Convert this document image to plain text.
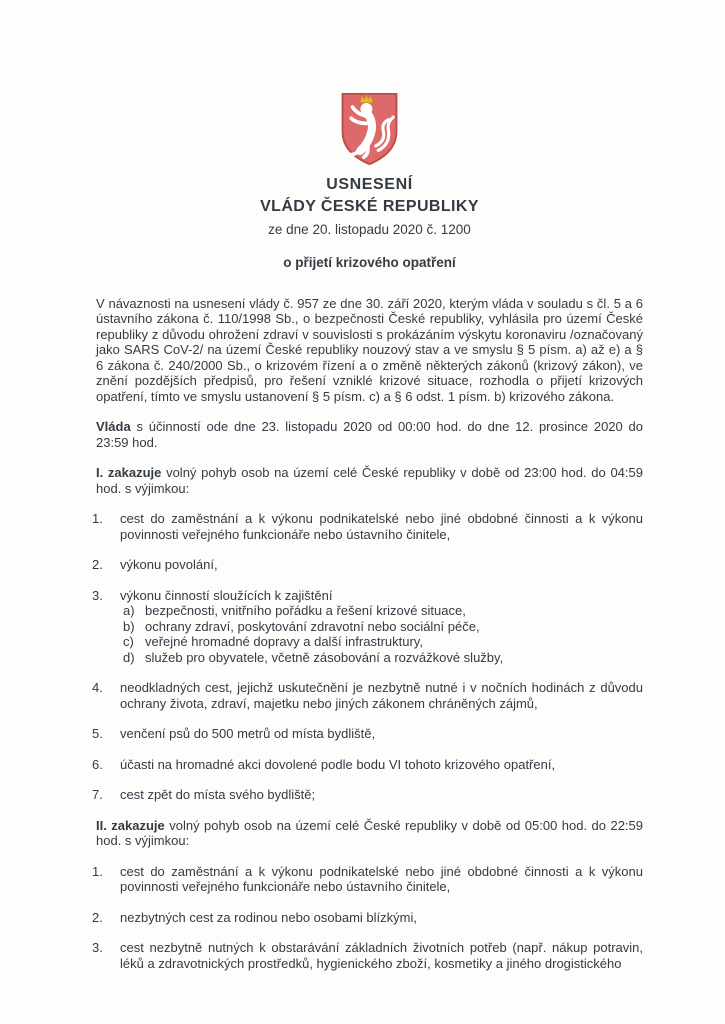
USNESENÍ
VLÁDY ČESKÉ REPUBLIKY
ze dne 20. listopadu 2020 č. 1200
o přijetí krizového opatření

V návaznosti na usnesení vlády č. 957 ze dne 30. září 2020, kterým vláda v souladu s čl. 5 a 6 ústavního zákona č. 110/1998 Sb., o bezpečnosti České republiky, vyhlásila pro území České republiky z důvodu ohrožení zdraví v souvislosti s prokázáním výskytu koronaviru /označovaný jako SARS CoV-2/ na území České republiky nouzový stav a ve smyslu § 5 písm. a) až e) a § 6 zákona č. 240/2000 Sb., o krizovém řízení a o změně některých zákonů (krizový zákon), ve znění pozdějších předpisů, pro řešení vzniklé krizové situace, rozhodla o přijetí krizových opatření, tímto ve smyslu ustanovení § 5 písm. c) a § 6 odst. 1 písm. b) krizového zákona.

Vláda s účinností ode dne 23. listopadu 2020 od 00:00 hod. do dne 12. prosince 2020 do 23:59 hod.

I. zakazuje volný pohyb osob na území celé České republiky v době od 23:00 hod. do 04:59 hod. s výjimkou:

1.	cest do zaměstnání a k výkonu podnikatelské nebo jiné obdobné činnosti a k výkonu povinnosti veřejného funkcionáře nebo ústavního činitele,
2.	výkonu povolání,
3.	výkonu činností sloužících k zajištění
a) bezpečnosti, vnitřního pořádku a řešení krizové situace,
b) ochrany zdraví, poskytování zdravotní nebo sociální péče,
c) veřejné hromadné dopravy a další infrastruktury,
d) služeb pro obyvatele, včetně zásobování a rozvážkové služby,
4.	neodkladných cest, jejichž uskutečnění je nezbytně nutné i v nočních hodinách z důvodu ochrany života, zdraví, majetku nebo jiných zákonem chráněných zájmů,
5.	venčení psů do 500 metrů od místa bydliště,
6.	účasti na hromadné akci dovolené podle bodu VI tohoto krizového opatření,
7.	cest zpět do místa svého bydliště;

II. zakazuje volný pohyb osob na území celé České republiky v době od 05:00 hod. do 22:59 hod. s výjimkou:

1.	cest do zaměstnání a k výkonu podnikatelské nebo jiné obdobné činnosti a k výkonu povinnosti veřejného funkcionáře nebo ústavního činitele,
2.	nezbytných cest za rodinou nebo osobami blízkými,
3.	cest nezbytně nutných k obstarávání základních životních potřeb (např. nákup potravin, léků a zdravotnických prostředků, hygienického zboží, kosmetiky a jiného drogistického
